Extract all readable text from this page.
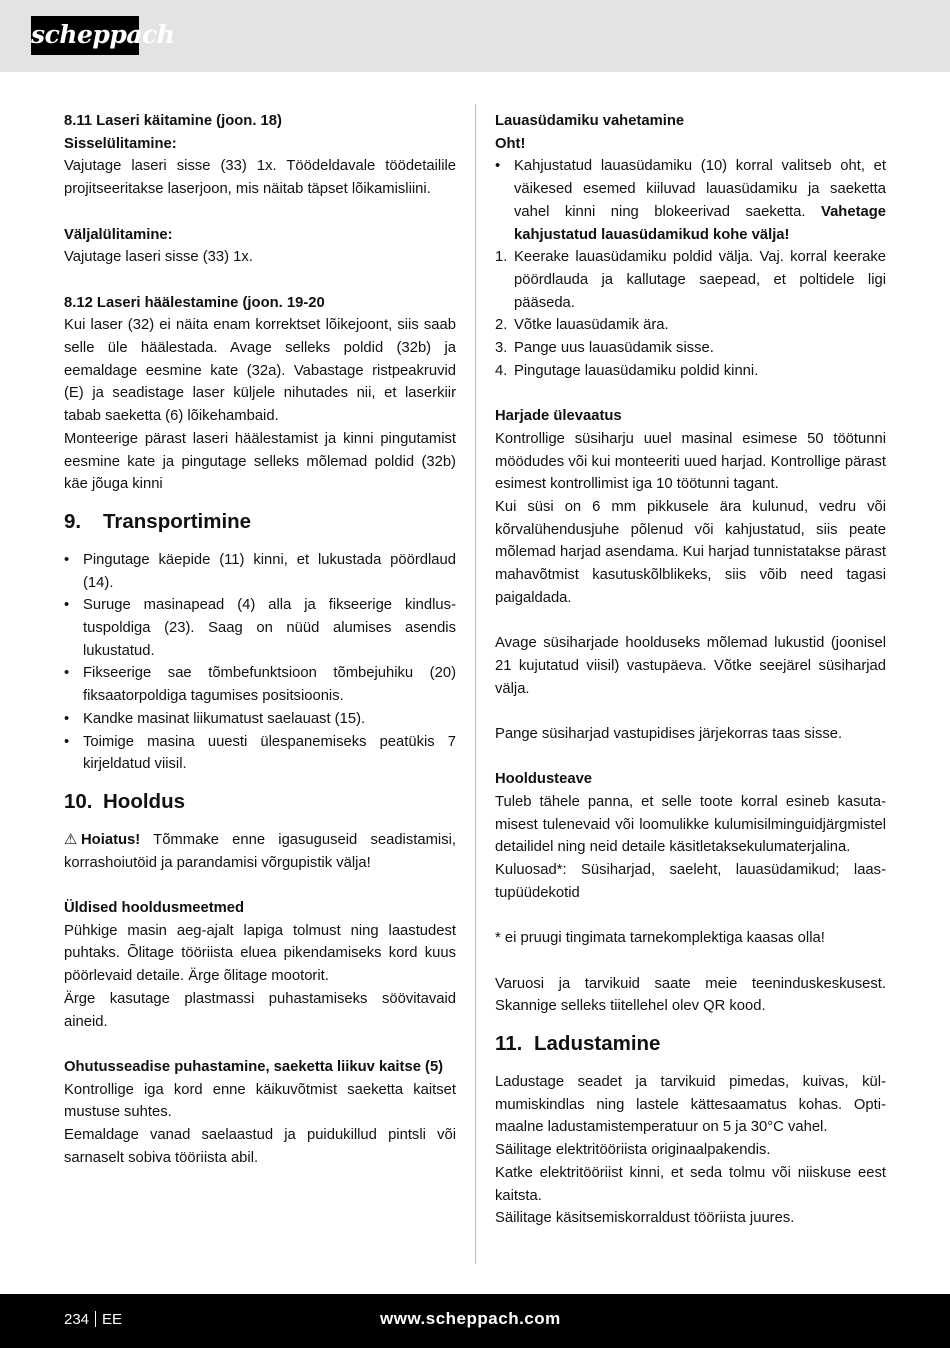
scheppach

8.11 Laseri käitamine (joon. 18)

Sisselülitamine:

Vajutage laseri sisse (33) 1x. Töödeldavale töödetailile projitseeritakse laserjoon, mis näitab täpset lõikamisliini.

Väljalülitamine:

Vajutage laseri sisse (33) 1x.

8.12 Laseri häälestamine (joon. 19-20

Kui laser (32) ei näita enam korrektset lõikejoont, siis saab selle üle häälestada. Avage selleks poldid (32b) ja eemaldage eesmine kate (32a). Vabastage ristpeakruvid (E) ja seadistage laser küljele nihutades nii, et laserkiir tabab saeketta (6) lõikehambaid.

Monteerige pärast laseri häälestamist ja kinni pingutamist eesmine kate ja pingutage selleks mõlemad poldid (32b) käe jõuga kinni

9. Transportimine
• Pingutage käepide (11) kinni, et lukustada pöördlaud (14).
• Suruge masinapead (4) alla ja fikseerige kindlustuspoldiga (23). Saag on nüüd alumises asendis lukustatud.
• Fikseerige sae tõmbefunktsioon tõmbejuhiku (20) fiksaatorpoldiga tagumises positsioonis.
• Kandke masinat liikumatust saelauast (15).
• Toimige masina uuesti ülespanemiseks peatükis 7 kirjeldatud viisil.
10. Hooldus

⚠ Hoiatus! Tõmmake enne igasuguseid seadistamisi, korrashoiutöid ja parandamisi võrgupistik välja!

Üldised hooldusmeetmed

Pühkige masin aeg-ajalt lapiga tolmust ning laastudest puhtaks. Õlitage tööriista eluea pikendamiseks kord kuus pöörlevaid detaile. Ärge õlitage mootorit.

Ärge kasutage plastmassi puhastamiseks söövitavaid aineid.

Ohutusseadise puhastamine, saeketta liikuv kaitse (5)

Kontrollige iga kord enne käikuvõtmist saeketta kaitset mustuse suhtes.

Eemaldage vanad saelaastud ja puidukillud pintsli või sarnaselt sobiva tööriista abil.

Lauasüdamiku vahetamine

Oht!

• Kahjustatud lauasüdamiku (10) korral valitseb oht, et väikesed esemed kiiluvad lauasüdamiku ja saeketta vahel kinni ning blokeerivad saeketta. Vahetage kahjustatud lauasüdamikud kohe välja!
1. Keerake lauasüdamiku poldid välja. Vaj. korral keerake pöördlauda ja kallutage saepead, et poltidele ligi pääseda.
2. Võtke lauasüdamik ära.
3. Pange uus lauasüdamik sisse.
4. Pingutage lauasüdamiku poldid kinni.

Harjade ülevaatus

Kontrollige süsiharju uuel masinal esimese 50 töötunni möödudes või kui monteeriti uued harjad. Kontrollige pärast esimest kontrollimist iga 10 töötunni tagant.

Kui süsi on 6 mm pikkusele ära kulunud, vedru või kõrvalühendusjuhe põlenud või kahjustatud, siis peate mõlemad harjad asendama. Kui harjad tunnistatakse pärast mahavõtmist kasutuskõlblikeks, siis võib need tagasi paigaldada.

Avage süsiharjade hoolduseks mõlemad lukustid (joonisel 21 kujutatud viisil) vastupäeva. Võtke seejärel süsiharjad välja.

Pange süsiharjad vastupidises järjekorras taas sisse.

Hooldusteave

Tuleb tähele panna, et selle toote korral esineb kasutamisest tulenevaid või loomulikke kulumisilminguidjärgmistel detailidel ning neid detaile käsitletaksekulumaterjalina.

Kuluosad*: Süsiharjad, saeleht, lauasüdamikud; laastupüüdekotid

* ei pruugi tingimata tarnekomplektiga kaasas olla!

Varuosi ja tarvikuid saate meie teeninduskeskusest. Skannige selleks tiitellehel olev QR kood.

11. Ladustamine

Ladustage seadet ja tarvikuid pimedas, kuivas, külmumiskindlas ning lastele kättesaamatus kohas. Optimaalne ladustamistemperatuur on 5 ja 30°C vahel.

Säilitage elektritööriista originaalpakendis.

Katke elektritööriist kinni, et seda tolmu või niiskuse eest kaitsta.

Säilitage käsitsemiskorraldust tööriista juures.

234 EE	www.scheppach.com
